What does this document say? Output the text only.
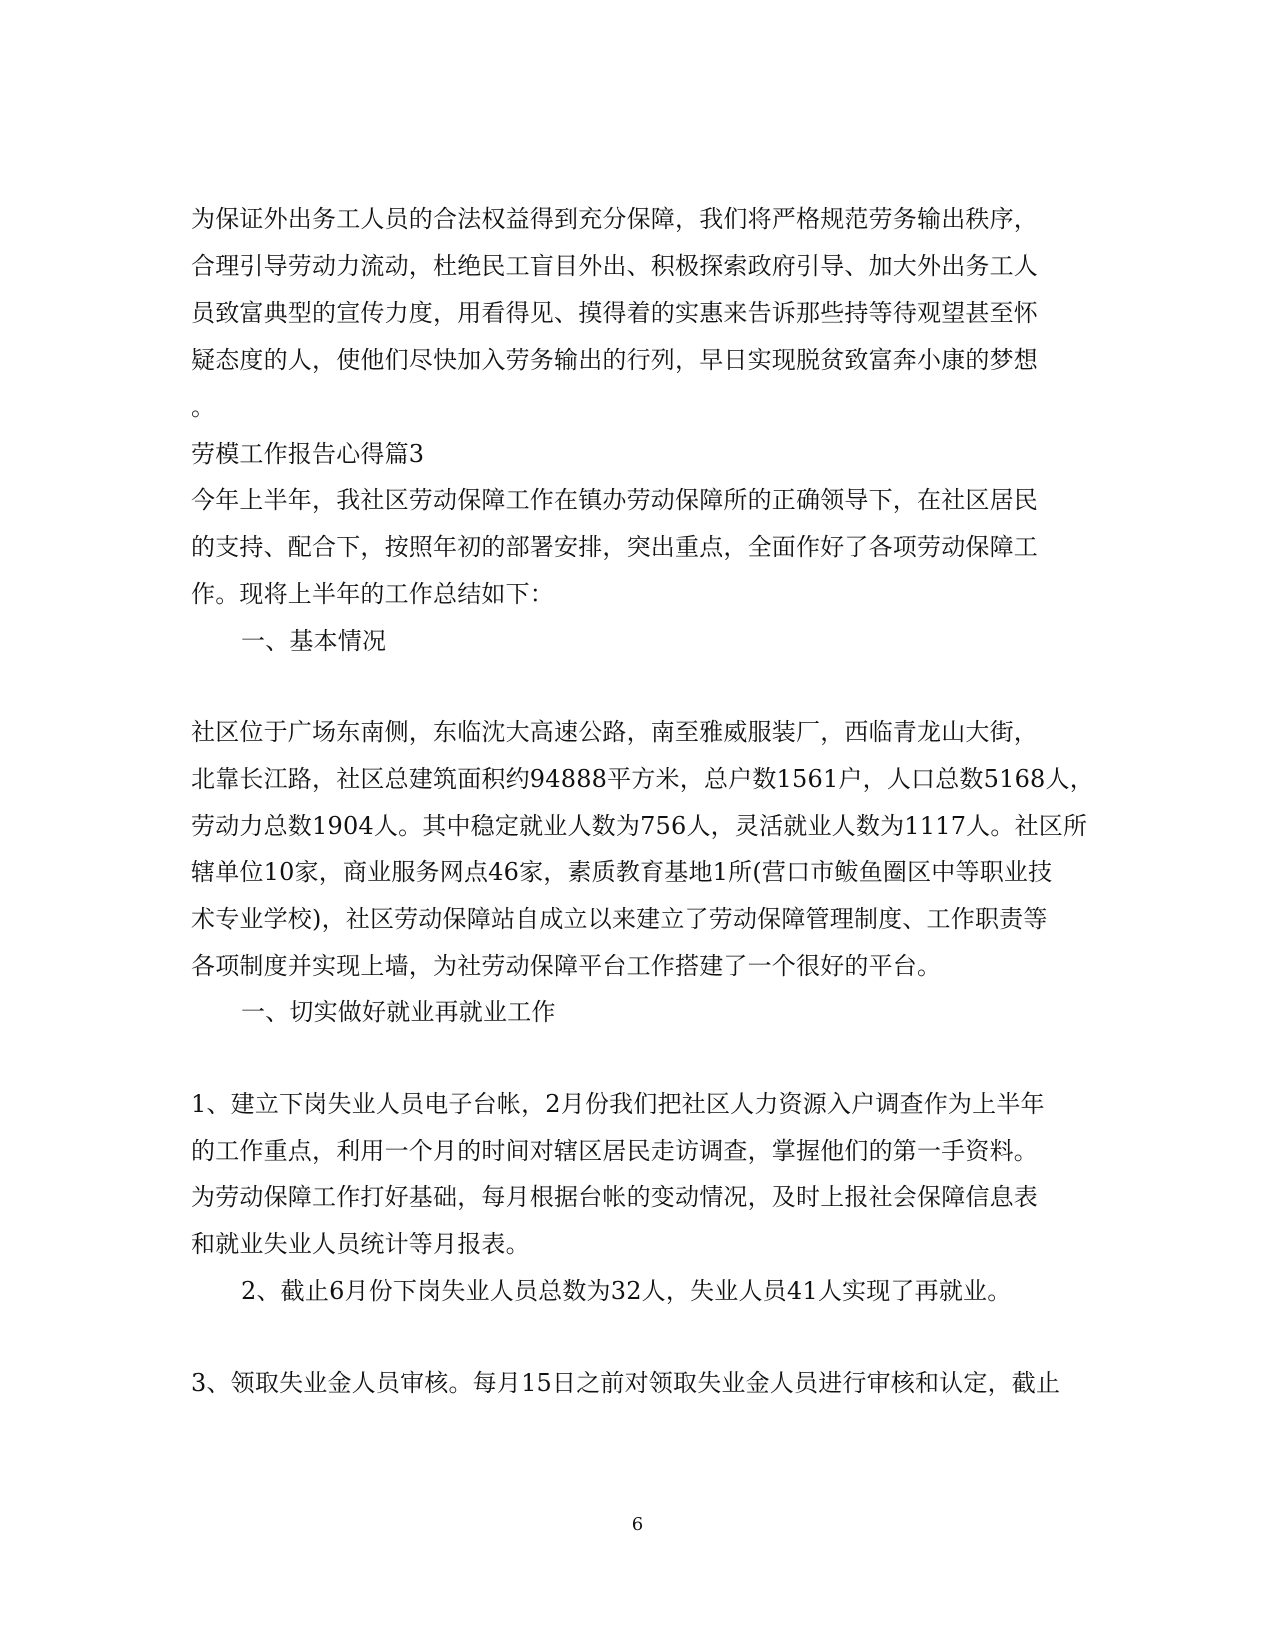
为保证外出务工人员的合法权益得到充分保障，我们将严格规范劳务输出秩序，
合理引导劳动力流动，杜绝民工盲目外出、积极探索政府引导、加大外出务工人
员致富典型的宣传力度，用看得见、摸得着的实惠来告诉那些持等待观望甚至怀
疑态度的人，使他们尽快加入劳务输出的行列，早日实现脱贫致富奔小康的梦想
。
劳模工作报告心得篇3
今年上半年，我社区劳动保障工作在镇办劳动保障所的正确领导下，在社区居民
的支持、配合下，按照年初的部署安排，突出重点，全面作好了各项劳动保障工
作。现将上半年的工作总结如下：
一、基本情况
社区位于广场东南侧，东临沈大高速公路，南至雅威服装厂，西临青龙山大街，
北靠长江路，社区总建筑面积约94888平方米，总户数1561户，人口总数5168人，
劳动力总数1904人。其中稳定就业人数为756人，灵活就业人数为1117人。社区所
辖单位10家，商业服务网点46家，素质教育基地1所(营口市鲅鱼圈区中等职业技
术专业学校)，社区劳动保障站自成立以来建立了劳动保障管理制度、工作职责等
各项制度并实现上墙，为社劳动保障平台工作搭建了一个很好的平台。
一、切实做好就业再就业工作
1、建立下岗失业人员电子台帐，2月份我们把社区人力资源入户调查作为上半年
的工作重点，利用一个月的时间对辖区居民走访调查，掌握他们的第一手资料。
为劳动保障工作打好基础，每月根据台帐的变动情况，及时上报社会保障信息表
和就业失业人员统计等月报表。
2、截止6月份下岗失业人员总数为32人，失业人员41人实现了再就业。
3、领取失业金人员审核。每月15日之前对领取失业金人员进行审核和认定，截止
6
